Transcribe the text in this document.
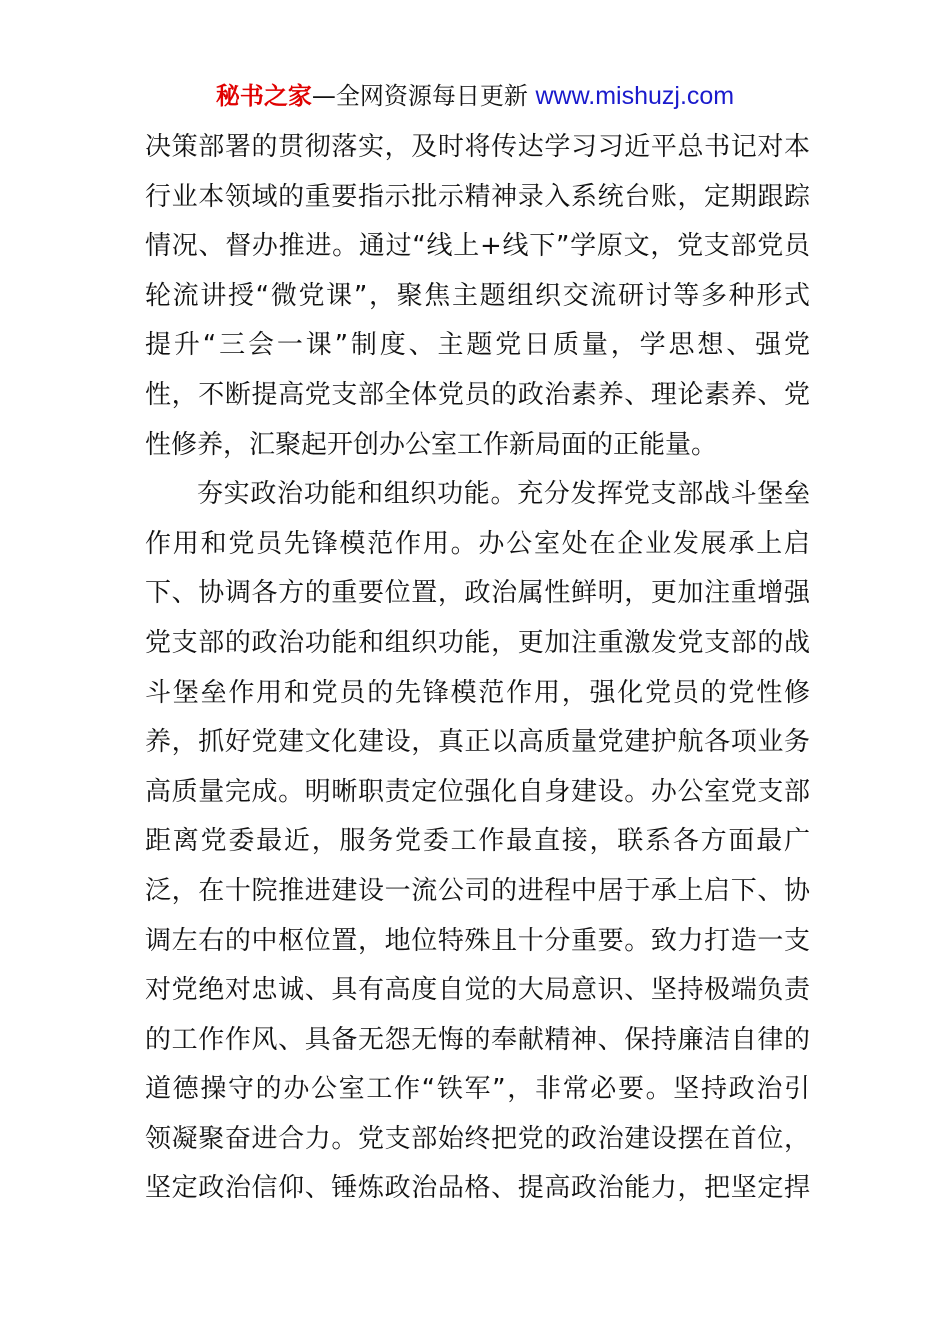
秘书之家—全网资源每日更新 www.mishuzj.com
决策部署的贯彻落实，及时将传达学习习近平总书记对本
行业本领域的重要指示批示精神录入系统台账，定期跟踪
情况、督办推进。通过“线上+线下”学原文，党支部党员
轮流讲授“微党课”，聚焦主题组织交流研讨等多种形式
提升“三会一课”制度、主题党日质量，学思想、强党
性，不断提高党支部全体党员的政治素养、理论素养、党
性修养，汇聚起开创办公室工作新局面的正能量。
夯实政治功能和组织功能。充分发挥党支部战斗堡垒
作用和党员先锋模范作用。办公室处在企业发展承上启
下、协调各方的重要位置，政治属性鲜明，更加注重增强
党支部的政治功能和组织功能，更加注重激发党支部的战
斗堡垒作用和党员的先锋模范作用，强化党员的党性修
养，抓好党建文化建设，真正以高质量党建护航各项业务
高质量完成。明晰职责定位强化自身建设。办公室党支部
距离党委最近，服务党委工作最直接，联系各方面最广
泛，在十院推进建设一流公司的进程中居于承上启下、协
调左右的中枢位置，地位特殊且十分重要。致力打造一支
对党绝对忠诚、具有高度自觉的大局意识、坚持极端负责
的工作作风、具备无怨无悔的奉献精神、保持廉洁自律的
道德操守的办公室工作“铁军”，非常必要。坚持政治引
领凝聚奋进合力。党支部始终把党的政治建设摆在首位，
坚定政治信仰、锤炼政治品格、提高政治能力，把坚定捍
